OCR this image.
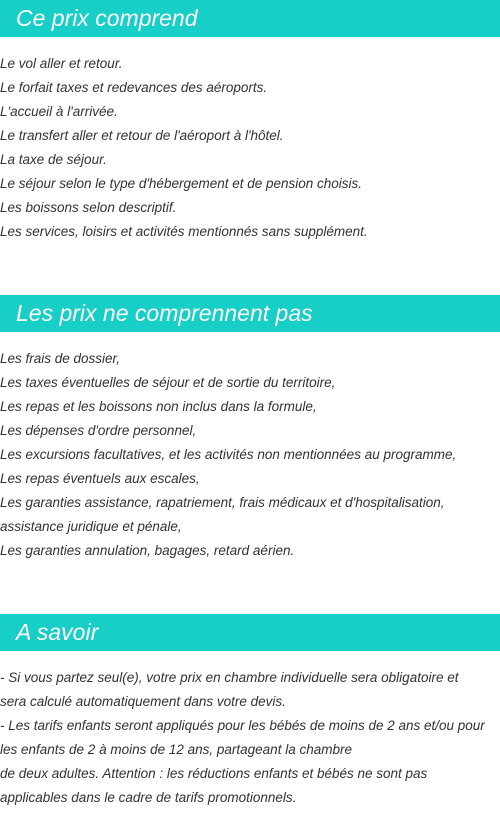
Ce prix comprend
Le vol aller et retour.
Le forfait taxes et redevances des aéroports.
L'accueil à l'arrivée.
Le transfert aller et retour de l'aéroport à l'hôtel.
La taxe de séjour.
Le séjour selon le type d'hébergement et de pension choisis.
Les boissons selon descriptif.
Les services, loisirs et activités mentionnés sans supplément.
Les prix ne comprennent pas
Les frais de dossier,
Les taxes éventuelles de séjour et de sortie du territoire,
Les repas et les boissons non inclus dans la formule,
Les dépenses d'ordre personnel,
Les excursions facultatives, et les activités non mentionnées au programme,
Les repas éventuels aux escales,
Les garanties assistance, rapatriement, frais médicaux et d'hospitalisation,
assistance juridique et pénale,
Les garanties annulation, bagages, retard aérien.
A savoir
- Si vous partez seul(e), votre prix en chambre individuelle sera obligatoire et
sera calculé automatiquement dans votre devis.
- Les tarifs enfants seront appliqués pour les bébés de moins de 2 ans et/ou pour
les enfants de 2 à moins de 12 ans, partageant la chambre
de deux adultes. Attention : les réductions enfants et bébés ne sont pas
applicables dans le cadre de tarifs promotionnels.
